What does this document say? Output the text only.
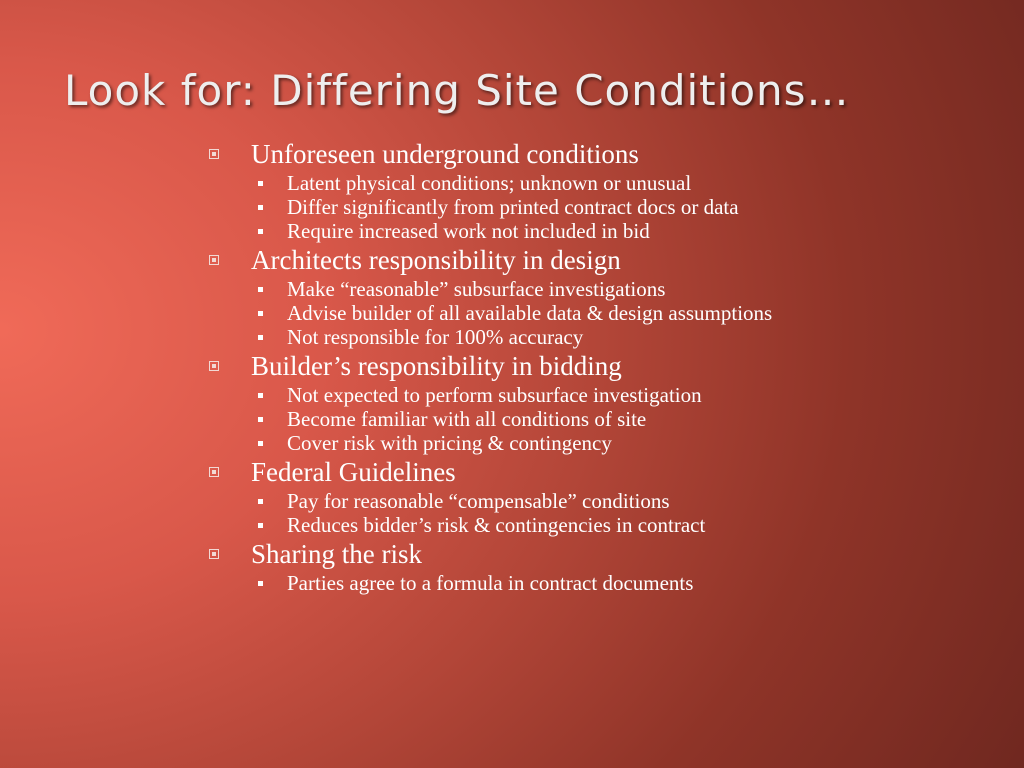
Look for: Differing Site Conditions…
Unforeseen underground conditions
Latent physical conditions; unknown or unusual
Differ significantly from printed contract docs or data
Require increased work not included in bid
Architects responsibility in design
Make “reasonable” subsurface investigations
Advise builder of all available data & design assumptions
Not responsible for 100% accuracy
Builder’s responsibility in bidding
Not expected to perform subsurface investigation
Become familiar with all conditions of site
Cover risk with pricing & contingency
Federal Guidelines
Pay for reasonable “compensable” conditions
Reduces bidder’s risk & contingencies in contract
Sharing the risk
Parties agree to a formula in contract documents
